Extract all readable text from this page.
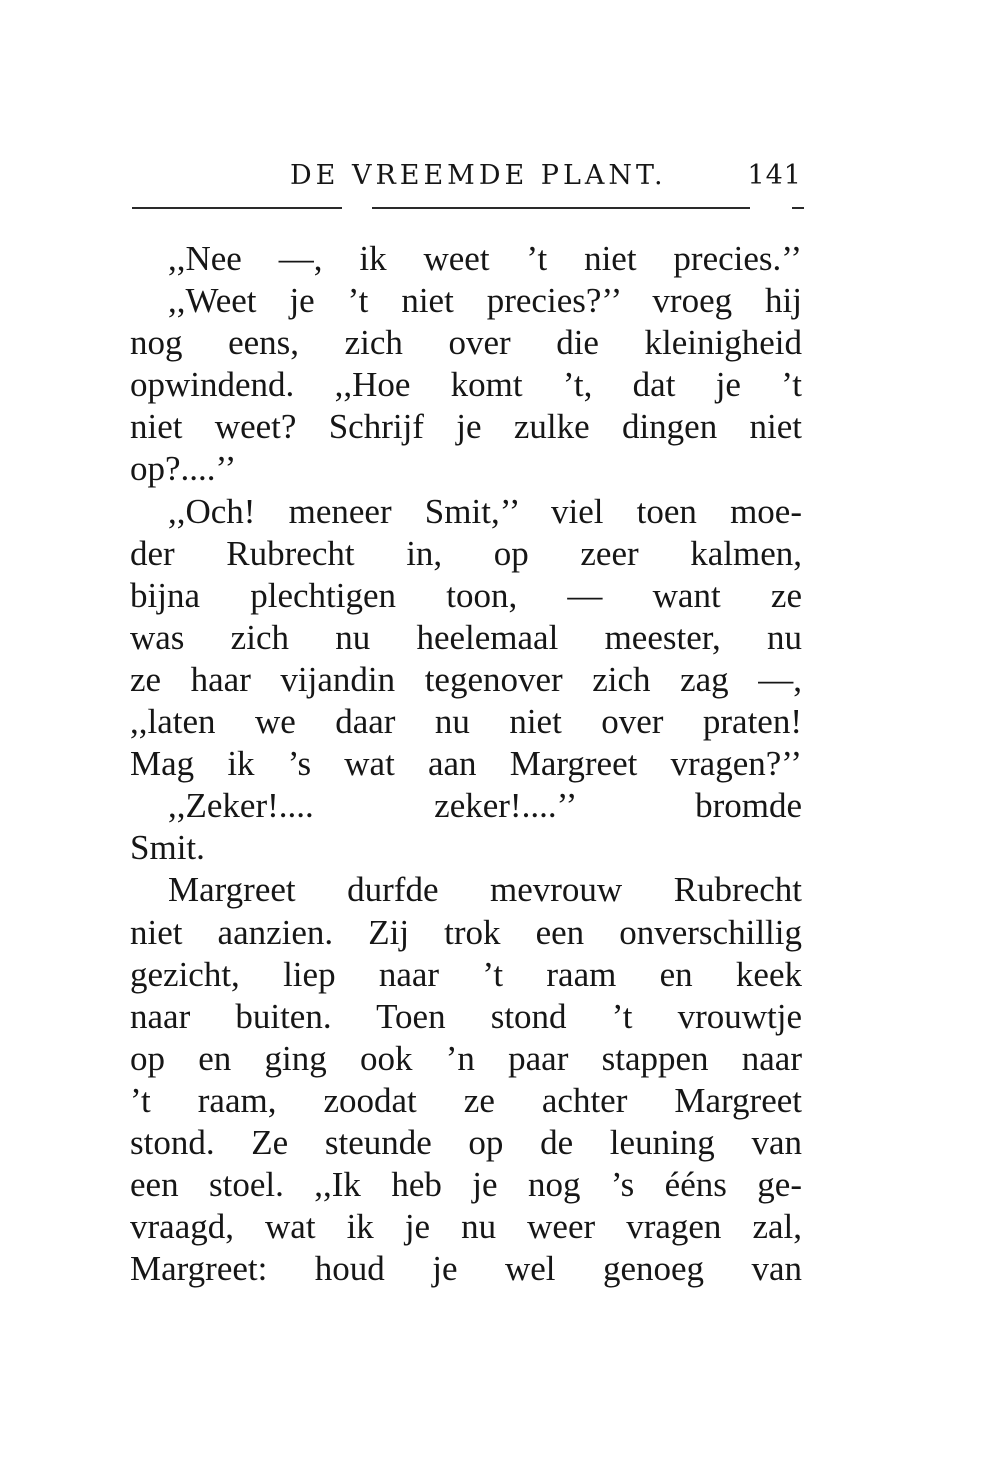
DE VREEMDE PLANT.	141
,,Nee —, ik weet ’t niet precies.’’
,,Weet je ’t niet precies?’’ vroeg hij
nog eens, zich over die kleinigheid
opwindend. ,,Hoe komt ’t, dat je ’t
niet weet? Schrijf je zulke dingen niet
op?....’’
,,Och! meneer Smit,’’ viel toen moe-
der Rubrecht in, op zeer kalmen,
bijna plechtigen toon, — want ze
was zich nu heelemaal meester, nu
ze haar vijandin tegenover zich zag —,
,,laten we daar nu niet over praten!
Mag ik ’s wat aan Margreet vragen?’’
,,Zeker!.... zeker!....’’ bromde
Smit.
Margreet durfde mevrouw Rubrecht
niet aanzien. Zij trok een onverschillig
gezicht, liep naar ’t raam en keek
naar buiten. Toen stond ’t vrouwtje
op en ging ook ’n paar stappen naar
’t raam, zoodat ze achter Margreet
stond. Ze steunde op de leuning van
een stoel. ,,Ik heb je nog ’s ééns ge-
vraagd, wat ik je nu weer vragen zal,
Margreet: houd je wel genoeg van
